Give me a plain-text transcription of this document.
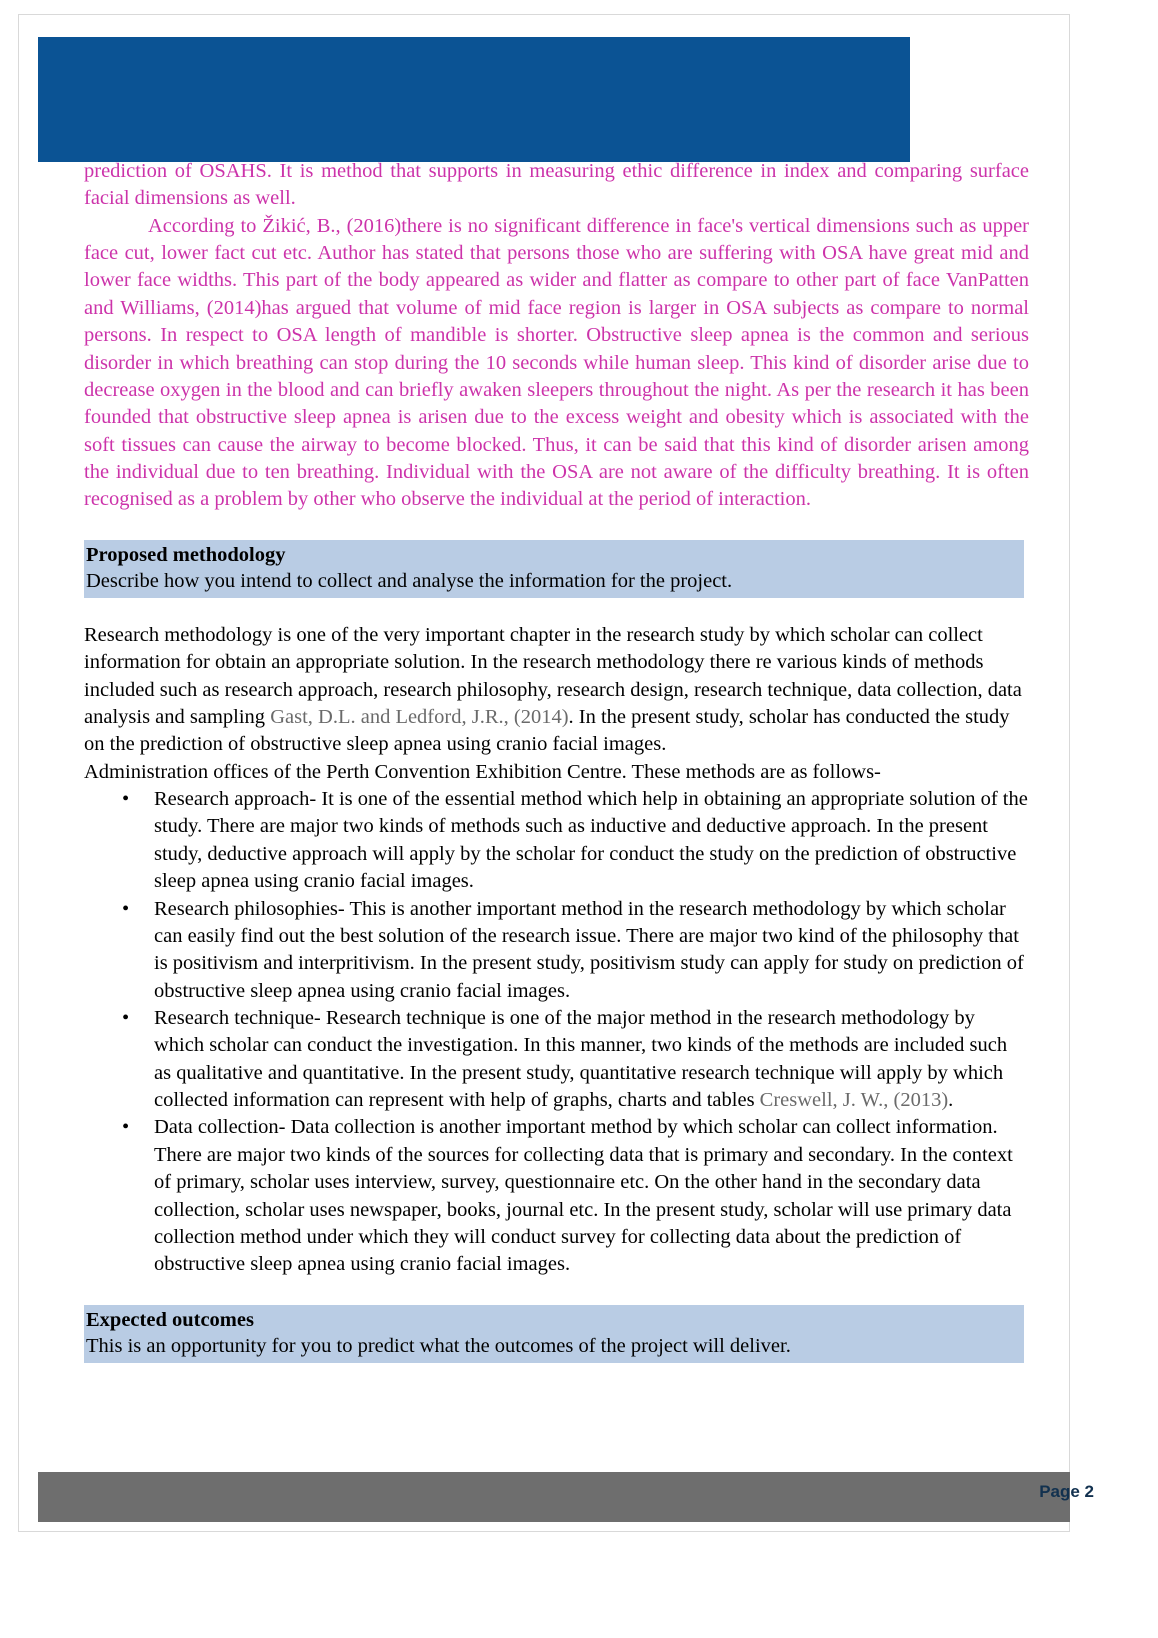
prediction of OSAHS. It is method that supports in measuring ethic difference in index and comparing surface facial dimensions as well.

According to Žikić, B., (2016)there is no significant difference in face's vertical dimensions such as upper face cut, lower fact cut etc. Author has stated that persons those who are suffering with OSA have great mid and lower face widths. This part of the body appeared as wider and flatter as compare to other part of face VanPatten and Williams, (2014)has argued that volume of mid face region is larger in OSA subjects as compare to normal persons. In respect to OSA length of mandible is shorter. Obstructive sleep apnea is the common and serious disorder in which breathing can stop during the 10 seconds while human sleep. This kind of disorder arise due to decrease oxygen in the blood and can briefly awaken sleepers throughout the night. As per the research it has been founded that obstructive sleep apnea is arisen due to the excess weight and obesity which is associated with the soft tissues can cause the airway to become blocked. Thus, it can be said that this kind of disorder arisen among the individual due to ten breathing. Individual with the OSA are not aware of the difficulty breathing. It is often recognised as a problem by other who observe the individual at the period of interaction.

Proposed methodology
Describe how you intend to collect and analyse the information for the project.

Research methodology is one of the very important chapter in the research study by which scholar can collect information for obtain an appropriate solution. In the research methodology there re various kinds of methods included such as research approach, research philosophy, research design, research technique, data collection, data analysis and sampling Gast, D.L. and Ledford, J.R., (2014). In the present study, scholar has conducted the study on the prediction of obstructive sleep apnea using cranio facial images.

Administration offices of the Perth Convention Exhibition Centre. These methods are as follows-

• Research approach- It is one of the essential method which help in obtaining an appropriate solution of the study. There are major two kinds of methods such as inductive and deductive approach. In the present study, deductive approach will apply by the scholar for conduct the study on the prediction of obstructive sleep apnea using cranio facial images.
• Research philosophies- This is another important method in the research methodology by which scholar can easily find out the best solution of the research issue. There are major two kind of the philosophy that is positivism and interpritivism. In the present study, positivism study can apply for study on prediction of obstructive sleep apnea using cranio facial images.
• Research technique- Research technique is one of the major method in the research methodology by which scholar can conduct the investigation. In this manner, two kinds of the methods are included such as qualitative and quantitative. In the present study, quantitative research technique will apply by which collected information can represent with help of graphs, charts and tables Creswell, J. W., (2013).
• Data collection- Data collection is another important method by which scholar can collect information. There are major two kinds of the sources for collecting data that is primary and secondary. In the context of primary, scholar uses interview, survey, questionnaire etc. On the other hand in the secondary data collection, scholar uses newspaper, books, journal etc. In the present study, scholar will use primary data collection method under which they will conduct survey for collecting data about the prediction of obstructive sleep apnea using cranio facial images.
Expected outcomes
This is an opportunity for you to predict what the outcomes of the project will deliver.
Page 2
